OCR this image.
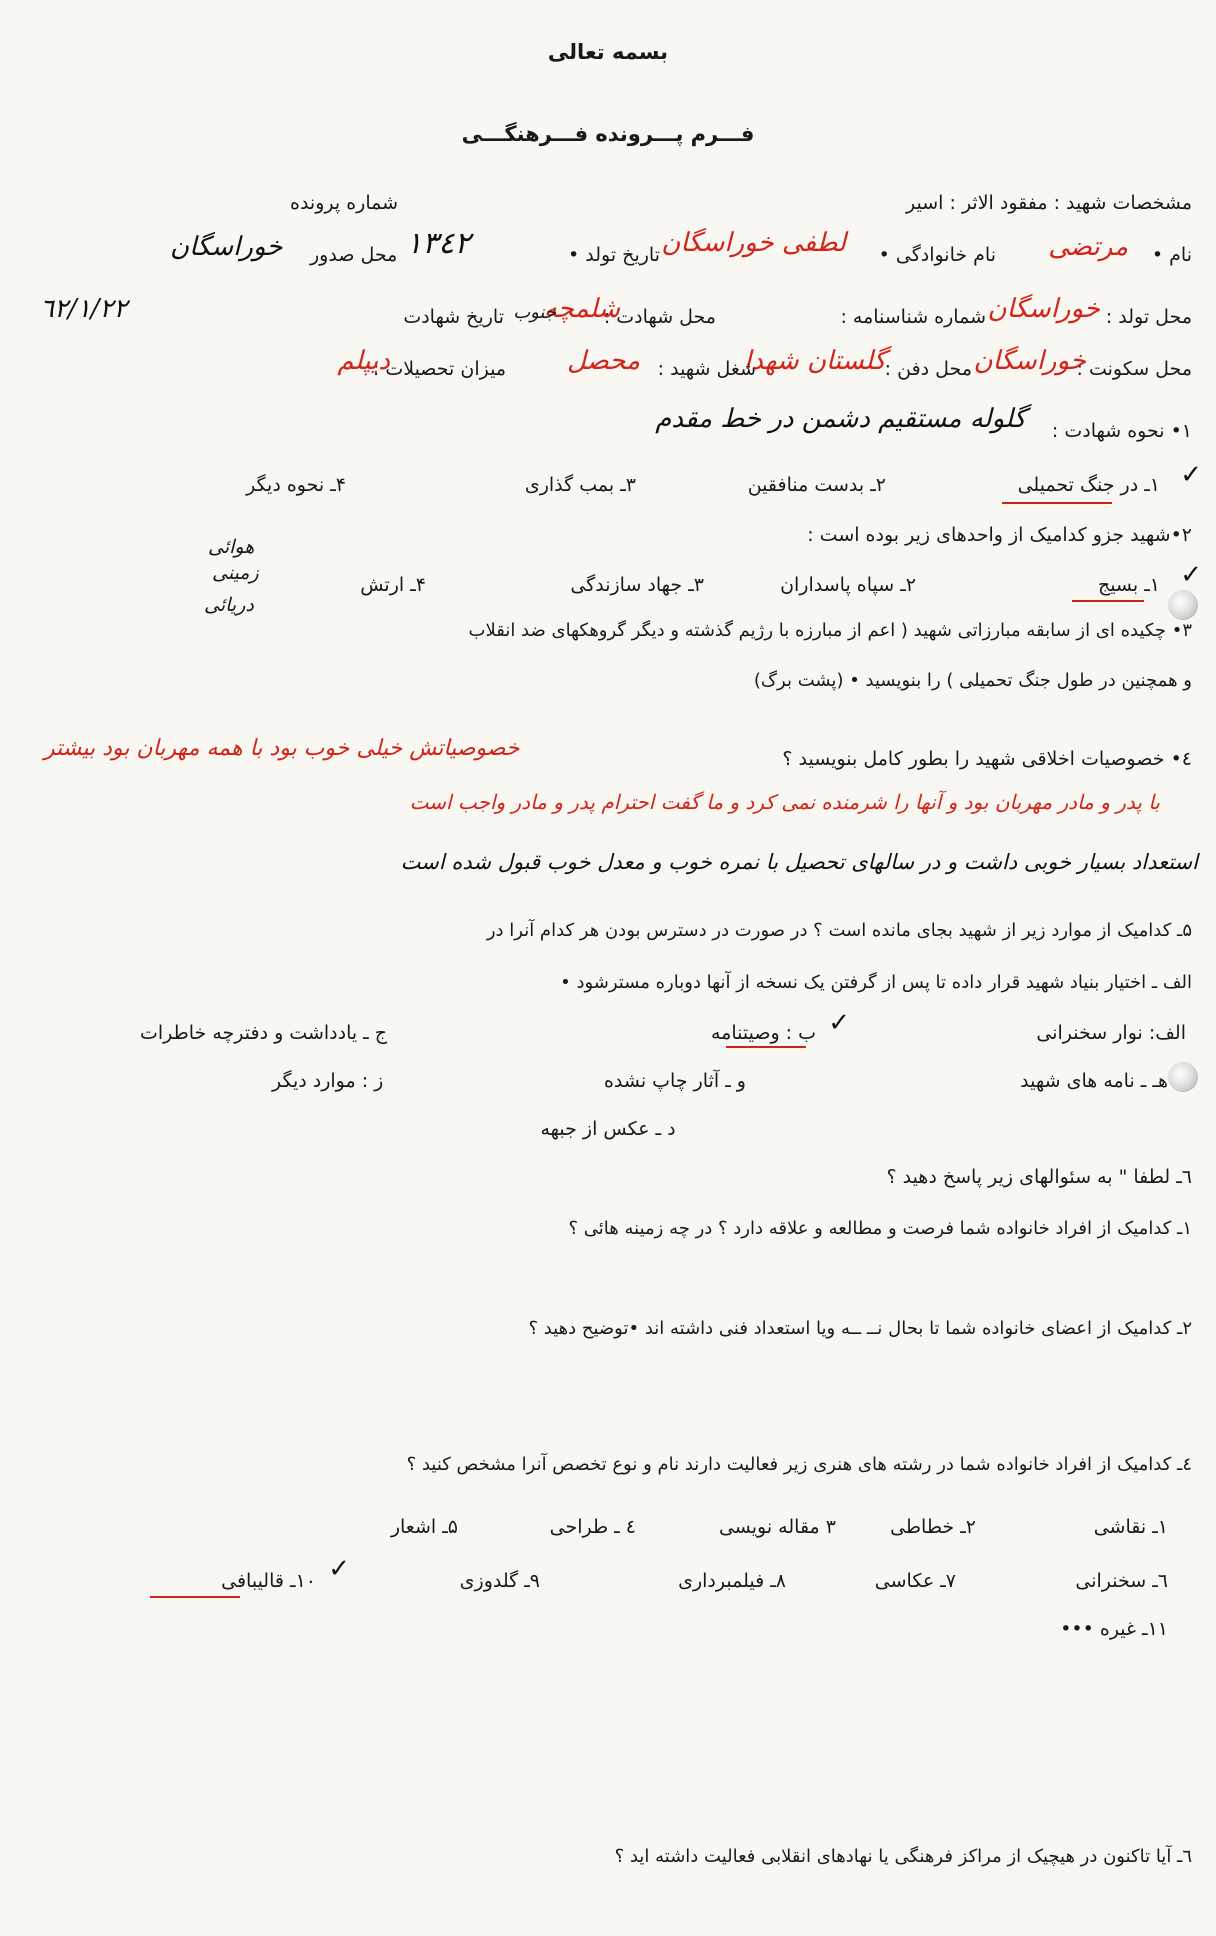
بسمه تعالی
فـــرم پـــرونده فـــرهنگـــی
مشخصات شهید : مفقود الاثر : اسیر
شماره پرونده
نام •
مرتضی
نام خانوادگی •
لطفی خوراسگان
تاریخ تولد •
١٣٤٢
محل صدور
خوراسگان
محل تولد :
خوراسگان
شماره شناسنامه :
محل شهادت :
شلمچه
جنوب
تاریخ شهادت
٦٢/١/٢٢
محل سکونت :
خوراسگان
محل دفن :
گلستان شهدا
شغل شهید :
محصل
میزان تحصیلات :
دیپلم
۱• نحوه شهادت :
گلوله مستقیم دشمن در خط مقدم
✓
۱ـ در جنگ تحمیلی
۲ـ بدست منافقین
۳ـ بمب گذاری
۴ـ نحوه دیگر
۲•شهید جزو کدامیک از واحدهای زیر بوده است :
هوائی
زمینی
دریائی
✓
۱ـ بسیج
۲ـ سپاه پاسداران
۳ـ جهاد سازندگی
۴ـ ارتش
۳• چکیده ای از سابقه مبارزاتی شهید ( اعم از مبارزه با رژیم گذشته و دیگر گروهکهای ضد انقلاب
و همچنین در طول جنگ تحمیلی ) را بنویسید • (پشت برگ)
٤• خصوصیات اخلاقی شهید را بطور کامل بنویسید ؟
خصوصیاتش خیلی خوب بود با همه مهربان بود بیشتر
با پدر و مادر مهربان بود و آنها را شرمنده نمی کرد و ما گفت احترام پدر و مادر واجب است
استعداد بسیار خوبی داشت و در سالهای تحصیل با نمره خوب و معدل خوب قبول شده است
۵ـ کدامیک از موارد زیر از شهید بجای مانده است ؟ در صورت در دسترس بودن هر کدام آنرا در
الف ـ اختیار بنیاد شهید قرار داده تا پس از گرفتن یک نسخه از آنها دوباره مسترشود •
الف: نوار سخنرانی
✓
ب : وصیتنامه
ج ـ یادداشت و دفترچه خاطرات
هـ ـ نامه های شهید
و ـ آثار چاپ نشده
ز : موارد دیگر
د ـ عکس از جبهه
٦ـ لطفا " به سئوالهای زیر پاسخ دهید ؟
۱ـ کدامیک از افراد خانواده شما فرصت و مطالعه و علاقه دارد ؟ در چه زمینه هائی ؟
۲ـ کدامیک از اعضای خانواده شما تا بحال نــ ــه ویا استعداد فنی داشته اند •توضیح دهید ؟
٤ـ کدامیک از افراد خانواده شما در رشته های هنری زیر فعالیت دارند نام و نوع تخصص آنرا مشخص کنید ؟
۱ـ نقاشی
۲ـ خطاطی
۳ مقاله نویسی
٤ ـ طراحی
۵ـ اشعار
٦ـ سخنرانی
۷ـ عکاسی
۸ـ فیلمبرداری
۹ـ گلدوزی
✓
۱۰ـ قالیبافی
۱۱ـ غیره •••
٦ـ آیا تاکنون در هیچیک از مراکز فرهنگی یا نهادهای انقلابی فعالیت داشته اید ؟
